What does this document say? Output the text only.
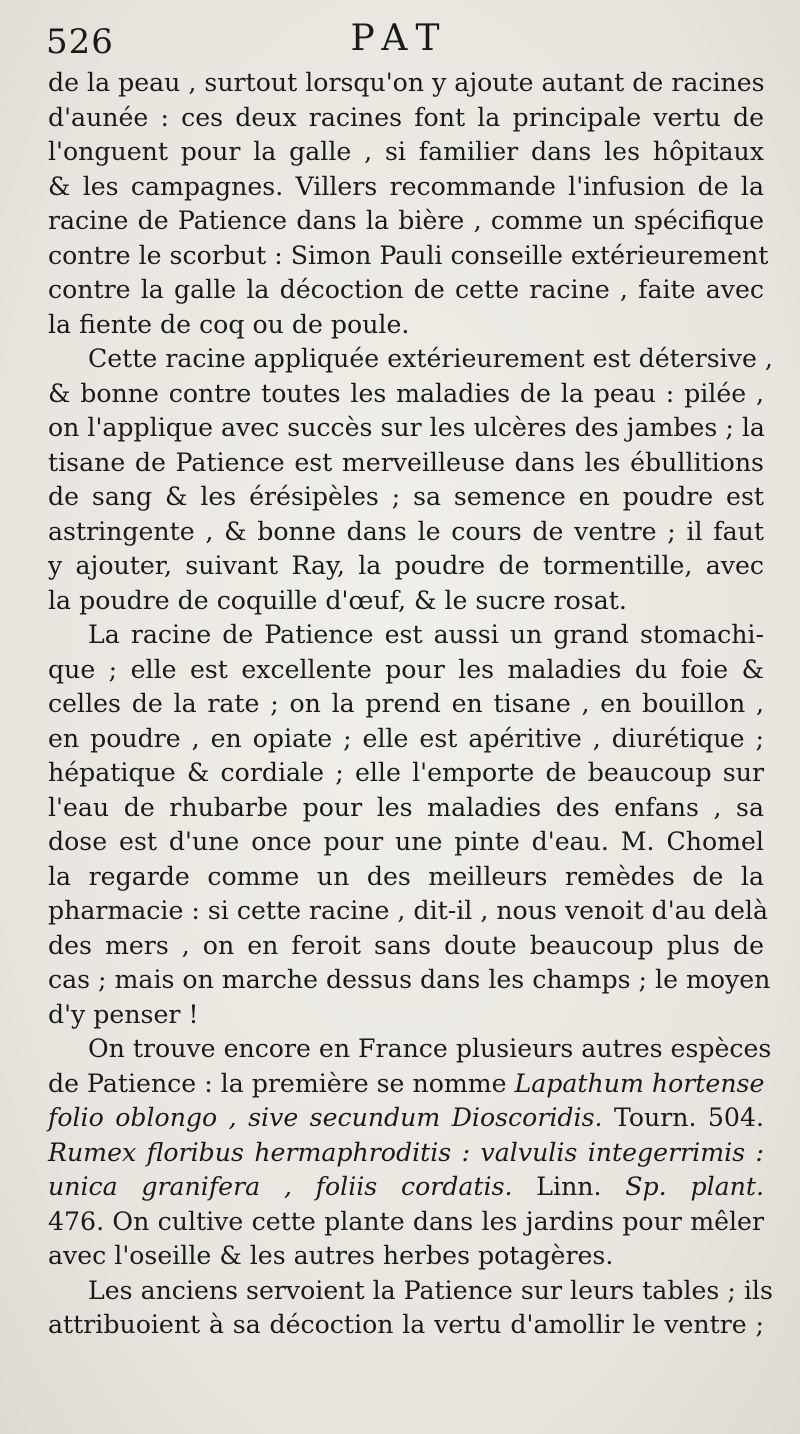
526	PAT
de la peau , surtout lorsqu'on y ajoute autant de racines
d'aunée : ces deux racines font la principale vertu de
l'onguent pour la galle , si familier dans les hôpitaux
& les campagnes. Villers recommande l'infusion de la
racine de Patience dans la bière , comme un spécifique
contre le scorbut : Simon Pauli conseille extérieurement
contre la galle la décoction de cette racine , faite avec
la fiente de coq ou de poule.
Cette racine appliquée extérieurement est détersive ,
& bonne contre toutes les maladies de la peau : pilée ,
on l'applique avec succès sur les ulcères des jambes ; la
tisane de Patience est merveilleuse dans les ébullitions
de sang & les érésipèles ; sa semence en poudre est
astringente , & bonne dans le cours de ventre ; il faut
y ajouter, suivant Ray, la poudre de tormentille, avec
la poudre de coquille d'œuf, & le sucre rosat.
La racine de Patience est aussi un grand stomachi-
que ; elle est excellente pour les maladies du foie &
celles de la rate ; on la prend en tisane , en bouillon ,
en poudre , en opiate ; elle est apéritive , diurétique ;
hépatique & cordiale ; elle l'emporte de beaucoup sur
l'eau de rhubarbe pour les maladies des enfans , sa
dose est d'une once pour une pinte d'eau. M. Chomel
la regarde comme un des meilleurs remèdes de la
pharmacie : si cette racine , dit-il , nous venoit d'au delà
des mers , on en feroit sans doute beaucoup plus de
cas ; mais on marche dessus dans les champs ; le moyen
d'y penser !
On trouve encore en France plusieurs autres espèces
de Patience : la première se nomme Lapathum hortense
folio oblongo , sive secundum Dioscoridis. Tourn. 504.
Rumex floribus hermaphroditis : valvulis integerrimis :
unica granifera , foliis cordatis. Linn. Sp. plant.
476. On cultive cette plante dans les jardins pour mêler
avec l'oseille & les autres herbes potagères.
Les anciens servoient la Patience sur leurs tables ; ils
attribuoient à sa décoction la vertu d'amollir le ventre ;
